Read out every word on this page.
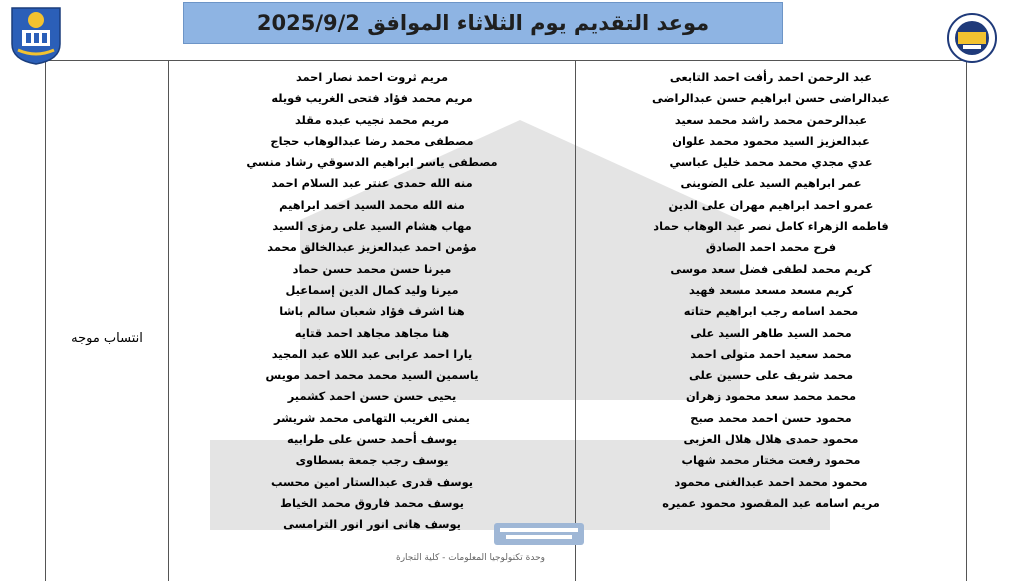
موعد التقديم يوم الثلاثاء الموافق 2025/9/2
انتساب موجه
مريم ثروت احمد نصار احمد
مريم محمد فؤاد فتحى الغريب فويله
مريم محمد نجيب عبده مقلد
مصطفى محمد رضا عبدالوهاب حجاج
مصطفى ياسر ابراهيم الدسوقي رشاد منسي
منه الله حمدى عنتر عبد السلام احمد
منه الله محمد السيد احمد ابراهيم
مهاب هشام السيد على رمزى السيد
مؤمن احمد عبدالعزيز عبدالخالق محمد
ميرنا حسن محمد حسن حماد
ميرنا وليد كمال الدين إسماعيل
هنا اشرف فؤاد شعبان سالم باشا
هنا مجاهد مجاهد احمد قتايه
يارا احمد عرابى عبد اللاه عبد المجيد
ياسمين السيد محمد محمد احمد مويس
يحيى حسن حسن احمد كشمير
يمنى الغريب التهامى محمد شريشر
يوسف أحمد حسن على طرابيه
يوسف رجب جمعة بسطاوى
يوسف قدرى عبدالستار امين محسب
يوسف محمد فاروق محمد الخياط
يوسف هانى انور انور الترامسى
عبد الرحمن احمد رأفت احمد التابعى
عبدالراضى حسن ابراهيم حسن عبدالراضى
عبدالرحمن محمد راشد محمد سعيد
عبدالعزيز السيد محمود محمد علوان
عدي مجدي محمد محمد خليل عباسي
عمر ابراهيم السيد على الضوينى
عمرو احمد ابراهيم مهران على الدين
فاطمه الزهراء كامل نصر عبد الوهاب حماد
فرح محمد احمد الصادق
كريم محمد لطفى فضل سعد موسى
كريم مسعد مسعد مسعد فهيد
محمد اسامه رجب ابراهيم حتاته
محمد السيد طاهر السيد على
محمد سعيد احمد متولى احمد
محمد شريف على حسين على
محمد محمد سعد محمود زهران
محمود حسن احمد محمد صبح
محمود حمدى هلال هلال العزبى
محمود رفعت مختار محمد شهاب
محمود محمد احمد عبدالغنى محمود
مريم اسامه عبد المقصود محمود عميره
وحدة تكنولوجيا المعلومات - كلية التجارة
